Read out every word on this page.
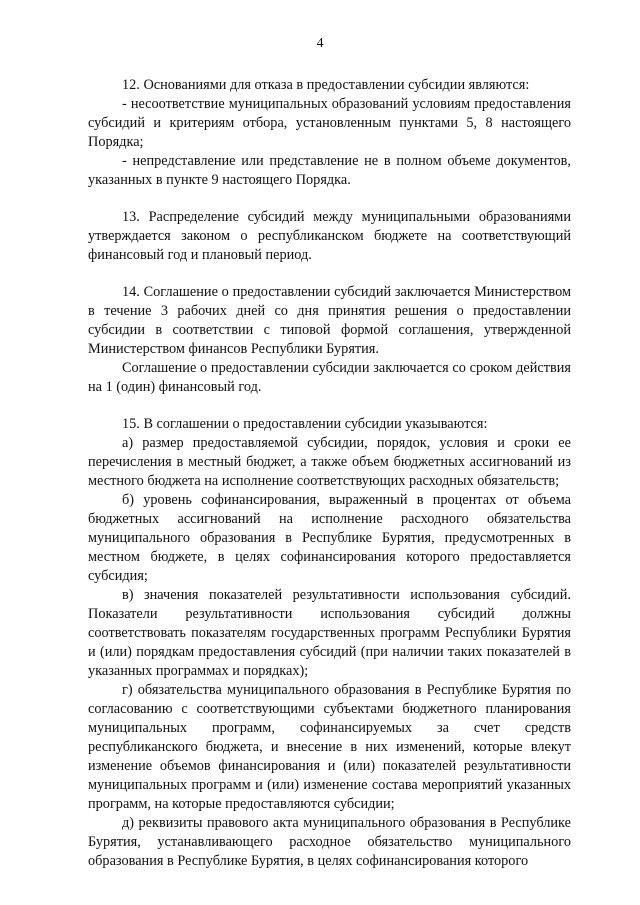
4

12. Основаниями для отказа в предоставлении субсидии являются:

- несоответствие муниципальных образований условиям предоставления субсидий и критериям отбора, установленным пунктами 5, 8 настоящего Порядка;

- непредставление или представление не в полном объеме документов, указанных в пункте 9 настоящего Порядка.

13. Распределение субсидий между муниципальными образованиями утверждается законом о республиканском бюджете на соответствующий финансовый год и плановый период.

14. Соглашение о предоставлении субсидий заключается Министерством в течение 3 рабочих дней со дня принятия решения о предоставлении субсидии в соответствии с типовой формой соглашения, утвержденной Министерством финансов Республики Бурятия.

Соглашение о предоставлении субсидии заключается со сроком действия на 1 (один) финансовый год.

15. В соглашении о предоставлении субсидии указываются:

а) размер предоставляемой субсидии, порядок, условия и сроки ее перечисления в местный бюджет, а также объем бюджетных ассигнований из местного бюджета на исполнение соответствующих расходных обязательств;

б) уровень софинансирования, выраженный в процентах от объема бюджетных ассигнований на исполнение расходного обязательства муниципального образования в Республике Бурятия, предусмотренных в местном бюджете, в целях софинансирования которого предоставляется субсидия;

в) значения показателей результативности использования субсидий. Показатели результативности использования субсидий должны соответствовать показателям государственных программ Республики Бурятия и (или) порядкам предоставления субсидий (при наличии таких показателей в указанных программах и порядках);

г) обязательства муниципального образования в Республике Бурятия по согласованию с соответствующими субъектами бюджетного планирования муниципальных программ, софинансируемых за счет средств республиканского бюджета, и внесение в них изменений, которые влекут изменение объемов финансирования и (или) показателей результативности муниципальных программ и (или) изменение состава мероприятий указанных программ, на которые предоставляются субсидии;

д) реквизиты правового акта муниципального образования в Республике Бурятия, устанавливающего расходное обязательство муниципального образования в Республике Бурятия, в целях софинансирования которого
